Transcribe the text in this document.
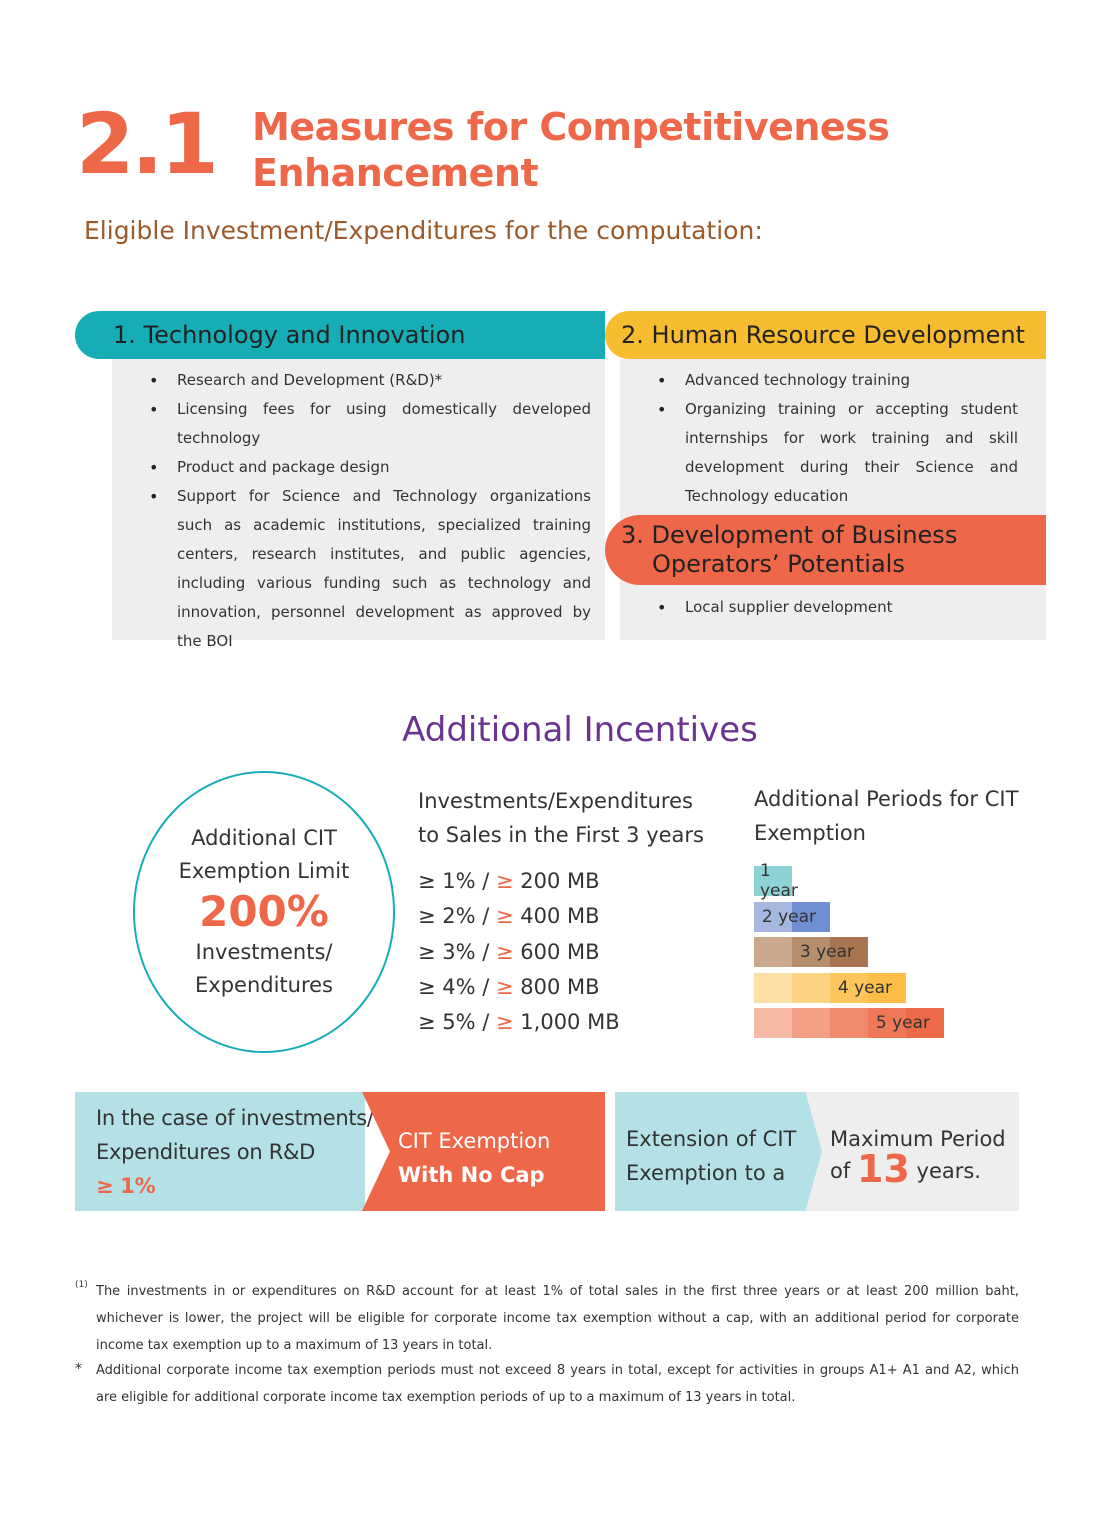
2.1 Measures for Competitiveness
Enhancement
Eligible Investment/Expenditures for the computation:
1. Technology and Innovation
• Research and Development (R&D)*
• Licensing fees for using domestically developed technology
• Product and package design
• Support for Science and Technology organizations such as academic institutions, specialized training centers, research institutes, and public agencies, including various funding such as technology and innovation, personnel development as approved by the BOI
2. Human Resource Development
• Advanced technology training
• Organizing training or accepting student internships for work training and skill development during their Science and Technology education
3. Development of Business
Operators’ Potentials
• Local supplier development
Additional Incentives
Additional CIT
Exemption Limit
200%
Investments/
Expenditures
Investments/Expenditures
to Sales in the First 3 years
≥ 1% / ≥ 200 MB
≥ 2% / ≥ 400 MB
≥ 3% / ≥ 600 MB
≥ 4% / ≥ 800 MB
≥ 5% / ≥ 1,000 MB
Additional Periods for CIT
Exemption
1 year
2 year
3 year
4 year
5 year
In the case of investments/
Expenditures on R&D
≥ 1%
CIT Exemption
With No Cap
Extension of CIT
Exemption to a
Maximum Period
of 13 years.
(1) The investments in or expenditures on R&D account for at least 1% of total sales in the first three years or at least 200 million baht, whichever is lower, the project will be eligible for corporate income tax exemption without a cap, with an additional period for corporate income tax exemption up to a maximum of 13 years in total.
*	Additional corporate income tax exemption periods must not exceed 8 years in total, except for activities in groups A1+ A1 and A2, which are eligible for additional corporate income tax exemption periods of up to a maximum of 13 years in total.
